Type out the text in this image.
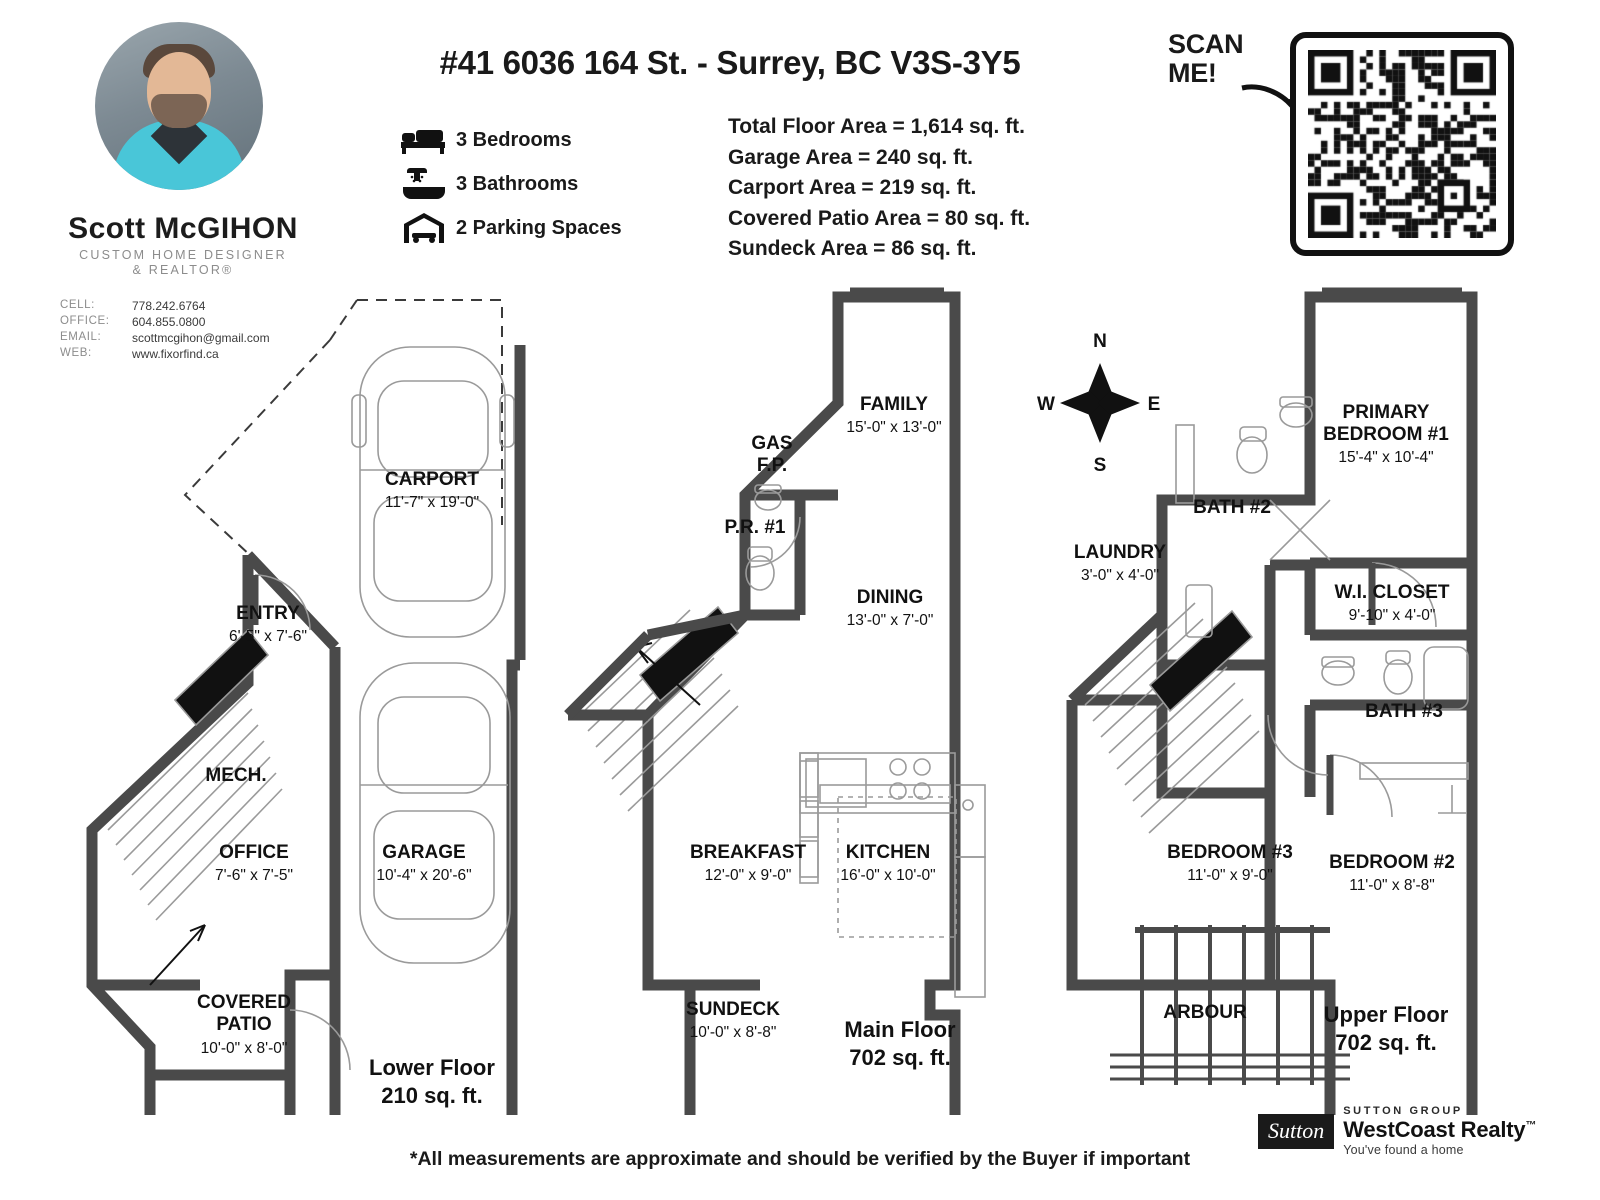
Scott McGIHON
CUSTOM HOME DESIGNER
& REALTOR®
CELL:	778.242.6764
OFFICE:	604.855.0800
EMAIL:	scottmcgihon@gmail.com
WEB:	www.fixorfind.ca
#41 6036 164 St. - Surrey, BC V3S-3Y5
3 Bedrooms
3 Bathrooms
2 Parking Spaces
Total Floor Area = 1,614 sq. ft.
Garage Area = 240 sq. ft.
Carport Area = 219 sq. ft.
Covered Patio Area = 80 sq. ft.
Sundeck Area = 86 sq. ft.
SCAN
ME!
CARPORT
11'-7" x 19'-0"
ENTRY
6'-5" x 7'-6"
MECH.
OFFICE
7'-6" x 7'-5"
GARAGE
10'-4" x 20'-6"
COVERED
PATIO
10'-0" x 8'-0"
Lower Floor
210 sq. ft.
FAMILY
15'-0" x 13'-0"
GAS
F.P.
P.R. #1
DINING
13'-0" x 7'-0"
BREAKFAST
12'-0" x 9'-0"
KITCHEN
16'-0" x 10'-0"
SUNDECK
10'-0" x 8'-8"	Main Floor
702 sq. ft.
N
S
W	E	PRIMARY
BEDROOM #1
15'-4" x 10'-4"
BATH #2
LAUNDRY
3'-0" x 4'-0"
W.I. CLOSET
9'-10" x 4'-0"
BATH #3
BEDROOM #3
11'-0" x 9'-0"
BEDROOM #2
11'-0" x 8'-8"
ARBOUR	Upper Floor
702 sq. ft.
*All measurements are approximate and should be verified by the Buyer if important
Sutton
SUTTON GROUP
WestCoast Realty™
You've found a home
